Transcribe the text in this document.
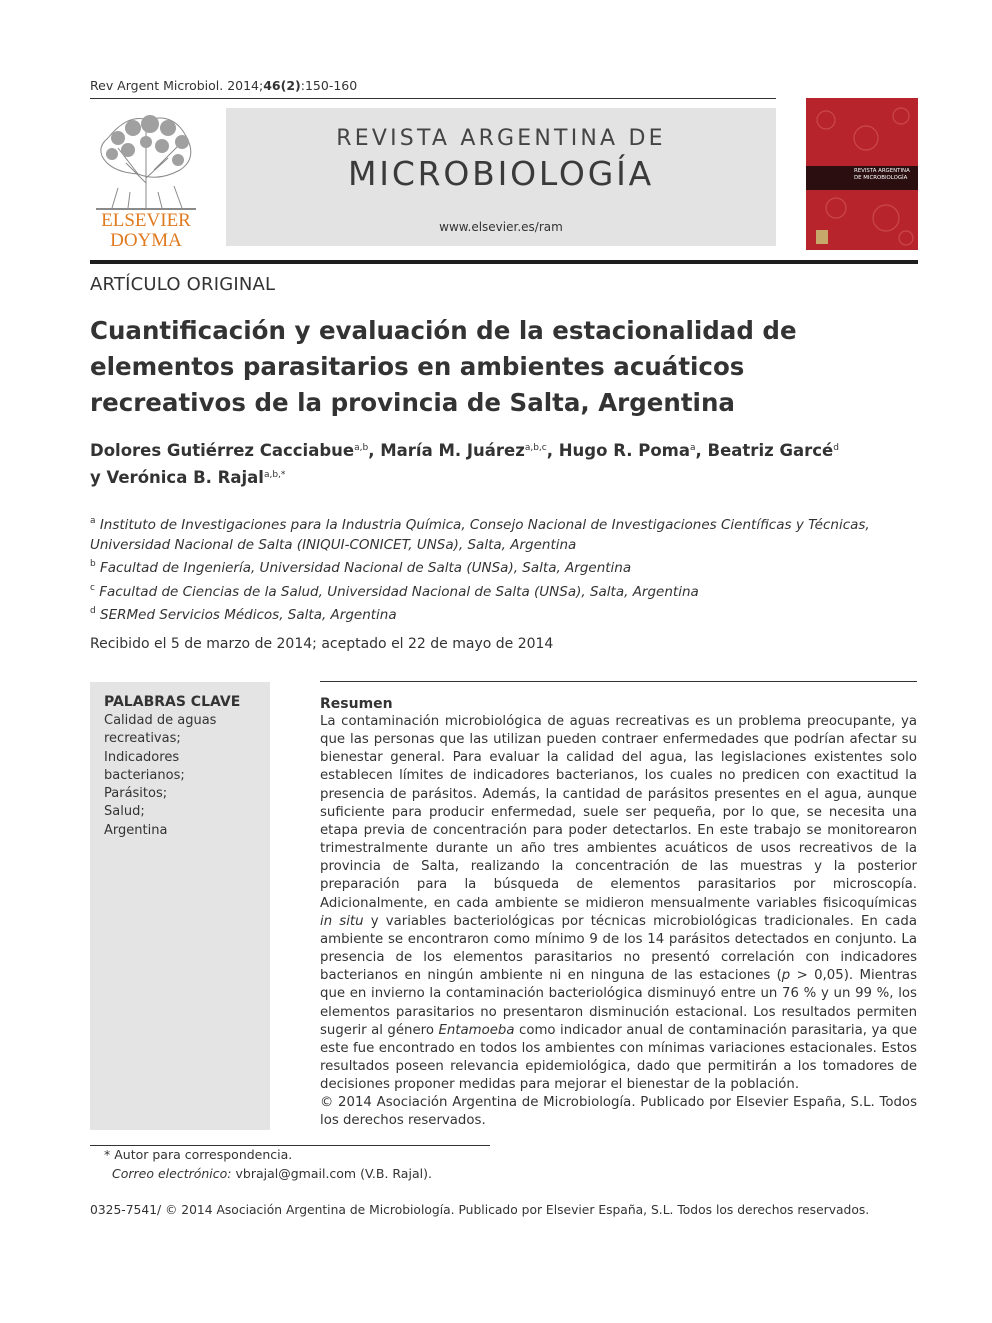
Rev Argent Microbiol. 2014;46(2):150-160
ELSEVIER
DOYMA
REVISTA ARGENTINA DE
MICROBIOLOGÍA
www.elsevier.es/ram
REVISTA ARGENTINA DE MICROBIOLOGÍA
ARTÍCULO ORIGINAL
Cuantificación y evaluación de la estacionalidad de elementos parasitarios en ambientes acuáticos recreativos de la provincia de Salta, Argentina
Dolores Gutiérrez Cacciabue$^{a,b}$, María M. Juárez$^{a,b,c}$, Hugo R. Poma$^a$, Beatriz Garcé$^d$
y Verónica B. Rajal$^{a,b,*}$
$^a$ Instituto de Investigaciones para la Industria Química, Consejo Nacional de Investigaciones Científicas y Técnicas,
Universidad Nacional de Salta (INIQUI-CONICET, UNSa), Salta, Argentina
$^b$ Facultad de Ingeniería, Universidad Nacional de Salta (UNSa), Salta, Argentina
$^c$ Facultad de Ciencias de la Salud, Universidad Nacional de Salta (UNSa), Salta, Argentina
$^d$ SERMed Servicios Médicos, Salta, Argentina
Recibido el 5 de marzo de 2014; aceptado el 22 de mayo de 2014
PALABRAS CLAVE
Calidad de aguas
recreativas;
Indicadores
bacterianos;
Parásitos;
Salud;
Argentina
Resumen
La contaminación microbiológica de aguas recreativas es un problema preocupante, ya que las personas que las utilizan pueden contraer enfermedades que podrían afectar su bienestar general. Para evaluar la calidad del agua, las legislaciones existentes solo establecen límites de indicadores bacterianos, los cuales no predicen con exactitud la presencia de parásitos. Además, la cantidad de parásitos presentes en el agua, aunque suficiente para producir enfermedad, suele ser pequeña, por lo que, se necesita una etapa previa de concentración para poder detectarlos. En este trabajo se monitorearon trimestralmente durante un año tres ambientes acuáticos de usos recreativos de la provincia de Salta, realizando la concentración de las muestras y la posterior preparación para la búsqueda de elementos parasitarios por microscopía. Adicionalmente, en cada ambiente se midieron mensualmente variables fisicoquímicas in situ y variables bacteriológicas por técnicas microbiológicas tradicionales. En cada ambiente se encontraron como mínimo 9 de los 14 parásitos detectados en conjunto. La presencia de los elementos parasitarios no presentó correlación con indicadores bacterianos en ningún ambiente ni en ninguna de las estaciones (p > 0,05). Mientras que en invierno la contaminación bacteriológica disminuyó entre un 76 % y un 99 %, los elementos parasitarios no presentaron disminución estacional. Los resultados permiten sugerir al género Entamoeba como indicador anual de contaminación parasitaria, ya que este fue encontrado en todos los ambientes con mínimas variaciones estacionales. Estos resultados poseen relevancia epidemiológica, dado que permitirán a los tomadores de decisiones proponer medidas para mejorar el bienestar de la población.
© 2014 Asociación Argentina de Microbiología. Publicado por Elsevier España, S.L. Todos los derechos reservados.
* Autor para correspondencia.
Correo electrónico: vbrajal@gmail.com (V.B. Rajal).
0325-7541/ © 2014 Asociación Argentina de Microbiología. Publicado por Elsevier España, S.L. Todos los derechos reservados.
